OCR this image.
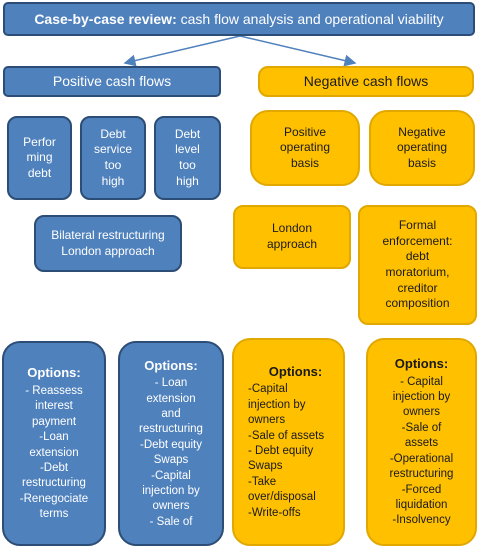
Case-by-case review: cash flow analysis and operational viability
Positive cash flows	Negative cash flows
Perfor
ming
debt
Debt
service
too
high
Debt
level
too
high
Bilateral restructuring
London approach
Positive
operating
basis
Negative
operating
basis
London
approach
Formal
enforcement:
debt
moratorium,
creditor
composition
Options:
- Reassess
interest
payment
-Loan
extension
-Debt
restructuring
-Renegociate
terms
Options:
- Loan
extension
and
restructuring
-Debt equity
Swaps
-Capital
injection by
owners
- Sale of
Options:
-Capital
injection by
owners
-Sale of assets
- Debt equity
Swaps
-Take
over/disposal
-Write-offs
Options:
- Capital
injection by
owners
-Sale of
assets
-Operational
restructuring
-Forced
liquidation
-Insolvency
